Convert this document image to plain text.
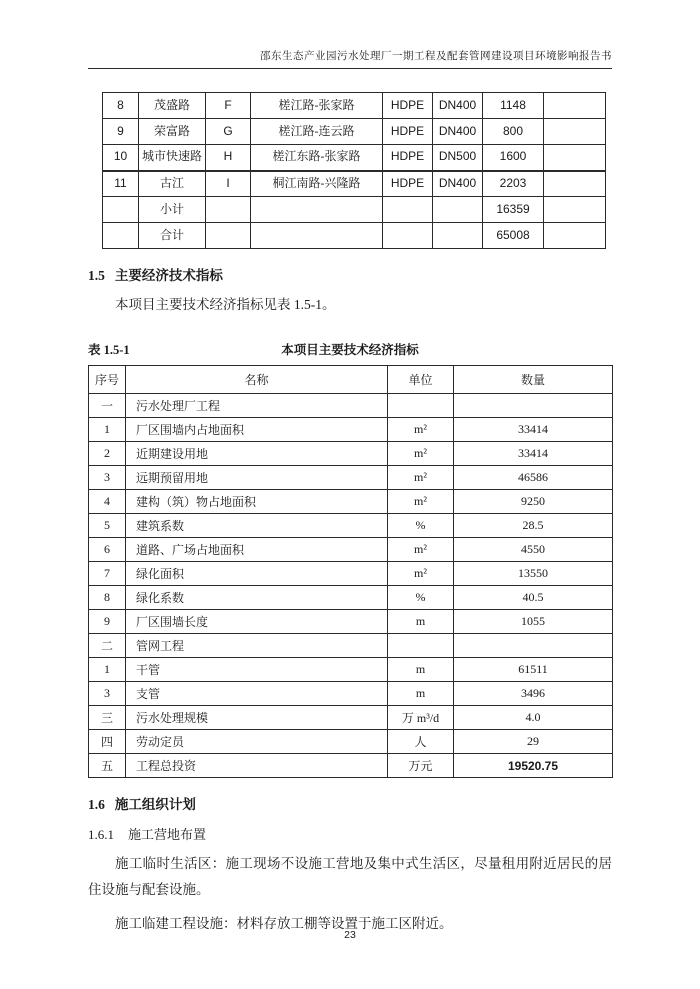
邵东生态产业园污水处理厂一期工程及配套管网建设项目环境影响报告书
8	茂盛路	F	槎江路-张家路	HDPE	DN400	1148	
9	荣富路	G	槎江路-连云路	HDPE	DN400	800	
10	城市快速路	H	槎江东路-张家路	HDPE	DN500	1600	
11	古江	I	桐江南路-兴隆路	HDPE	DN400	2203	
	小计					16359	
	合计					65008	
1.5 主要经济技术指标

本项目主要技术经济指标见表 1.5-1。

表 1.5-1	本项目主要技术经济指标
序号	名称	单位	数量
一	污水处理厂工程		
1	厂区围墙内占地面积	m²	33414
2	近期建设用地	m²	33414
3	远期预留用地	m²	46586
4	建构（筑）物占地面积	m²	9250
5	建筑系数	%	28.5
6	道路、广场占地面积	m²	4550
7	绿化面积	m²	13550
8	绿化系数	%	40.5
9	厂区围墙长度	m	1055
二	管网工程		
1	干管	m	61511
3	支管	m	3496
三	污水处理规模	万 m³/d	4.0
四	劳动定员	人	29
五	工程总投资	万元	19520.75
1.6 施工组织计划
1.6.1 施工营地布置

施工临时生活区：施工现场不设施工营地及集中式生活区，尽量租用附近居民的居住设施与配套设施。

施工临建工程设施：材料存放工棚等设置于施工区附近。

23
